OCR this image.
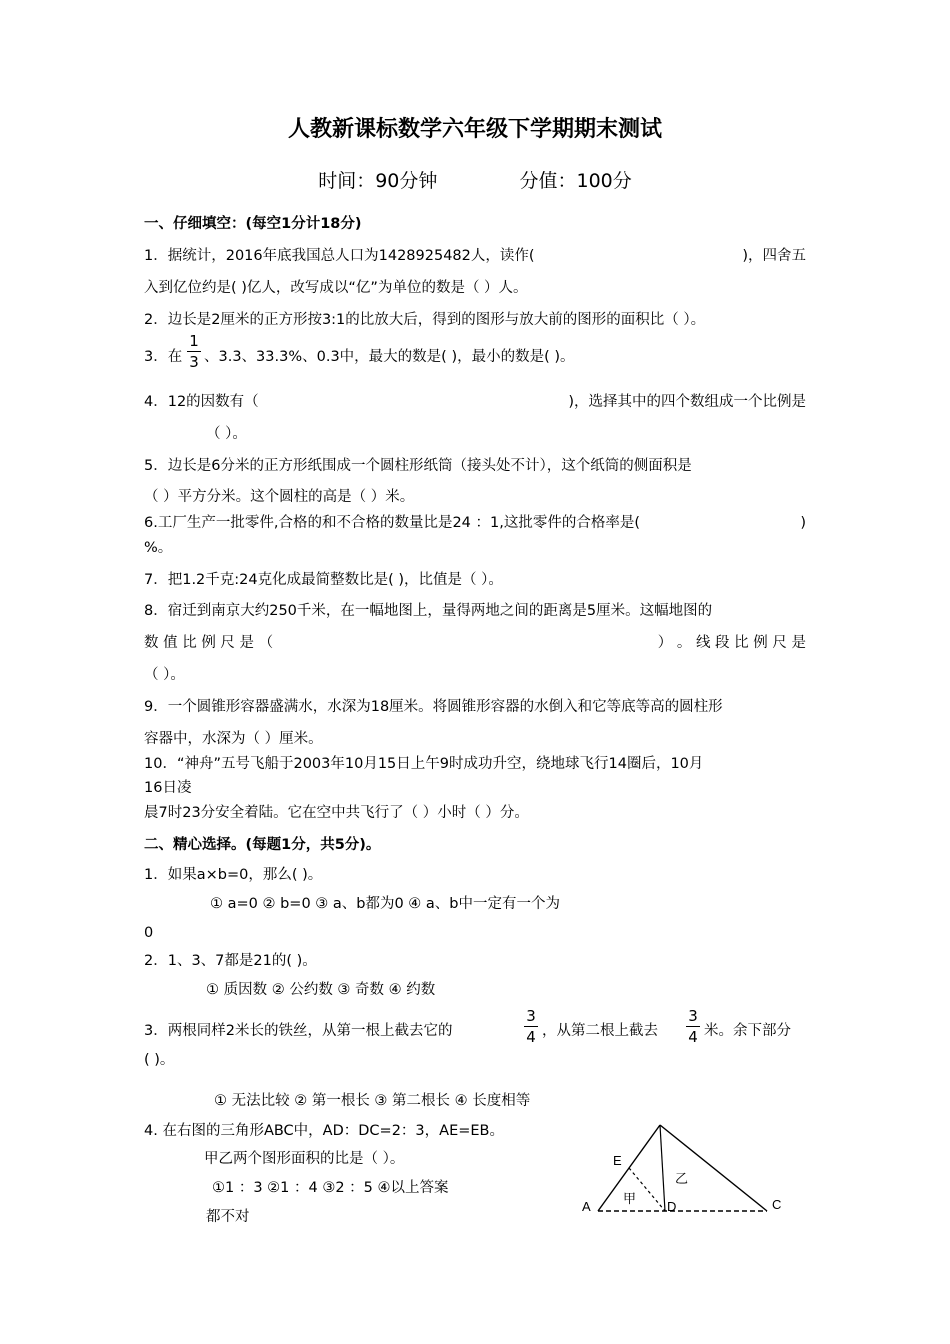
人教新课标数学六年级下学期期末测试
时间：90分钟	分值：100分
一、仔细填空：(每空1分计18分)
1．据统计，2016年底我国总人口为1428925482人，读作(	)，四舍五
入到亿位约是( )亿人，改写成以“亿”为单位的数是（ ）人。
2．边长是2厘米的正方形按3:1的比放大后，得到的图形与放大前的图形的面积比（ ）。
3．在
1
3 、3.3、33.3%、0.3中，最大的数是( )，最小的数是( )。
4．12的因数有（	)，选择其中的四个数组成一个比例是
（ ）。
5．边长是6分米的正方形纸围成一个圆柱形纸筒（接头处不计），这个纸筒的侧面积是
（ ）平方分米。这个圆柱的高是（ ）米。
6.工厂生产一批零件,合格的和不合格的数量比是24 ：1,这批零件的合格率是(	)
%。
7．把1.2千克:24克化成最简整数比是( )，比值是（ ）。
8．宿迁到南京大约250千米，在一幅地图上，量得两地之间的距离是5厘米。这幅地图的
数 值 比 例 尺 是 （	） 。 线 段 比 例 尺 是
（ ）。
9．一个圆锥形容器盛满水，水深为18厘米。将圆锥形容器的水倒入和它等底等高的圆柱形
容器中，水深为（ ）厘米。
10．“神舟”五号飞船于2003年10月15日上午9时成功升空，绕地球飞行14圈后，10月
16日凌
晨7时23分安全着陆。它在空中共飞行了（ ）小时（ ）分。
二、精心选择。(每题1分，共5分)。
1．如果a×b=0，那么( )。
① a=0 ② b=0 ③ a、b都为0 ④ a、b中一定有一个为
0
2．1、3、7都是21的( )。
① 质因数 ② 公约数 ③ 奇数 ④ 约数
3．两根同样2米长的铁丝，从第一根上截去它的
3
4 ，从第二根上截去
3
4 米。余下部分
( )。
① 无法比较 ② 第一根长 ③ 第二根长 ④ 长度相等
4. 在右图的三角形ABC中，AD：DC=2：3，AE=EB。
甲乙两个图形面积的比是（ ）。
①1 ：3 ②1 ：4 ③2 ：5 ④以上答案
都不对
E
A	D	C
甲
乙
